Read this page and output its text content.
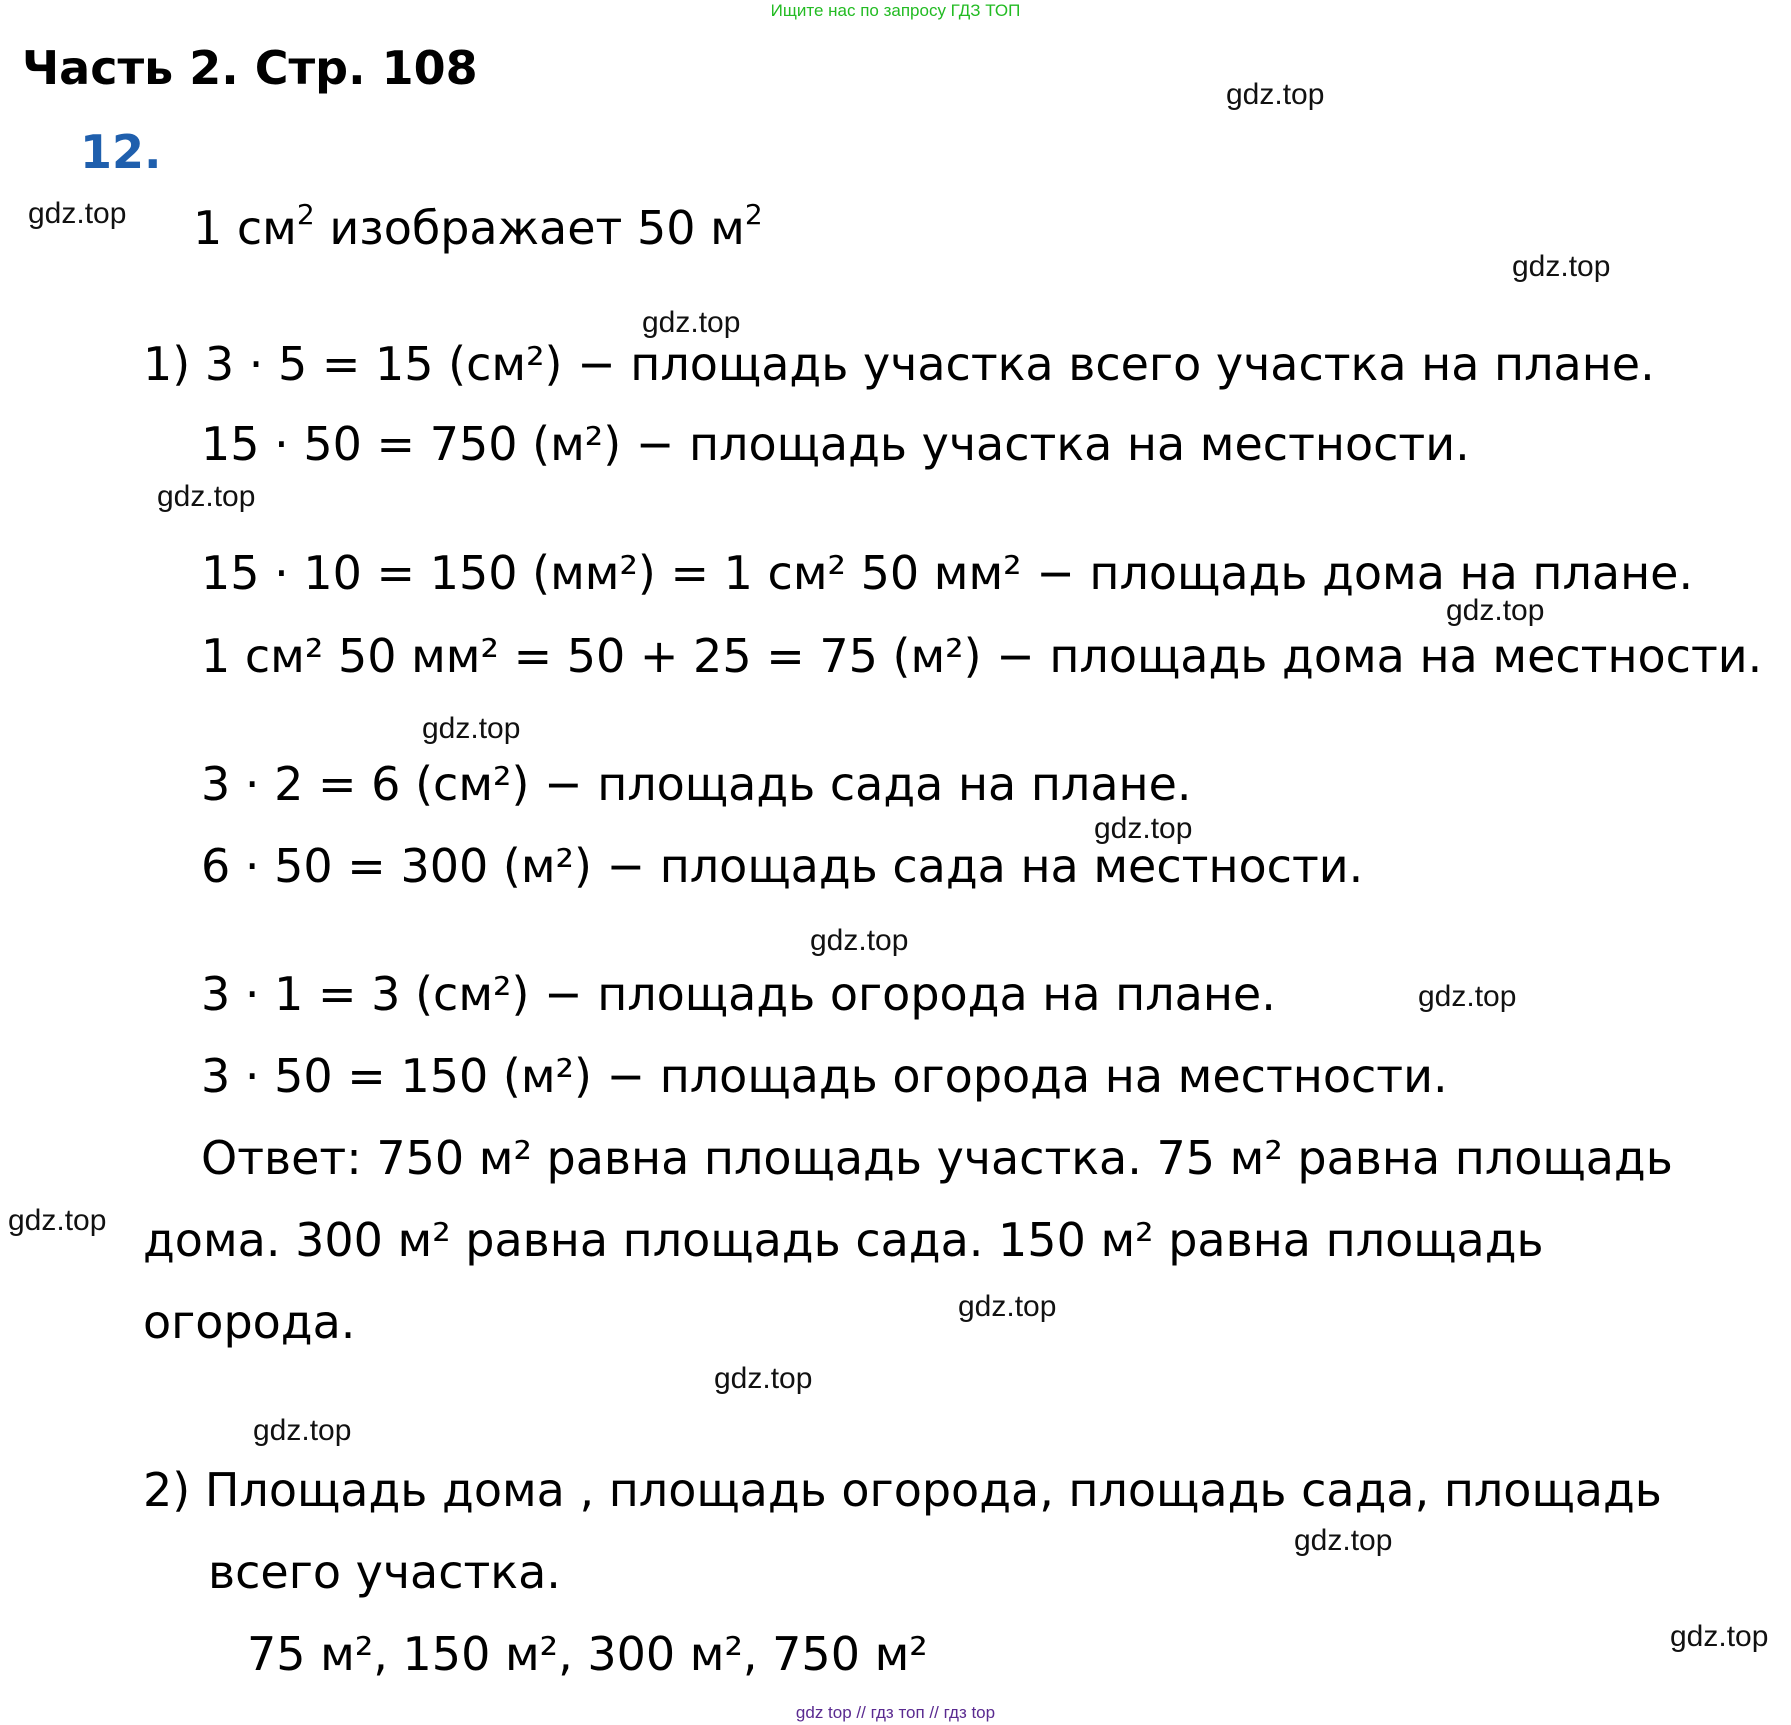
Ищите нас по запросу ГДЗ ТОП
Часть 2. Стр. 108
12.
1 $см^2$ изображает 50 $м^2$
1) 3 · 5 = 15 (см²) − площадь участка всего участка на плане.
15 · 50 = 750 (м²) − площадь участка на местности.
15 · 10 = 150 (мм²) = 1 см² 50 мм² − площадь дома на плане.
1 см² 50 мм² = 50 + 25 = 75 (м²) − площадь дома на местности.
3 · 2 = 6 (см²) − площадь сада на плане.
6 · 50 = 300 (м²) − площадь сада на местности.
3 · 1 = 3 (см²) − площадь огорода на плане.
3 · 50 = 150 (м²) − площадь огорода на местности.
Ответ: 750 м² равна площадь участка. 75 м² равна площадь
дома. 300 м² равна площадь сада. 150 м² равна площадь
огорода.
2) Площадь дома , площадь огорода, площадь сада, площадь
всего участка.
75 м², 150 м², 300 м², 750 м²
gdz.top
gdz.top
gdz.top
gdz.top
gdz.top
gdz.top
gdz.top
gdz.top
gdz.top
gdz.top
gdz.top
gdz.top
gdz.top
gdz.top
gdz.top
gdz.top
gdz top // гдз топ // гдз top
